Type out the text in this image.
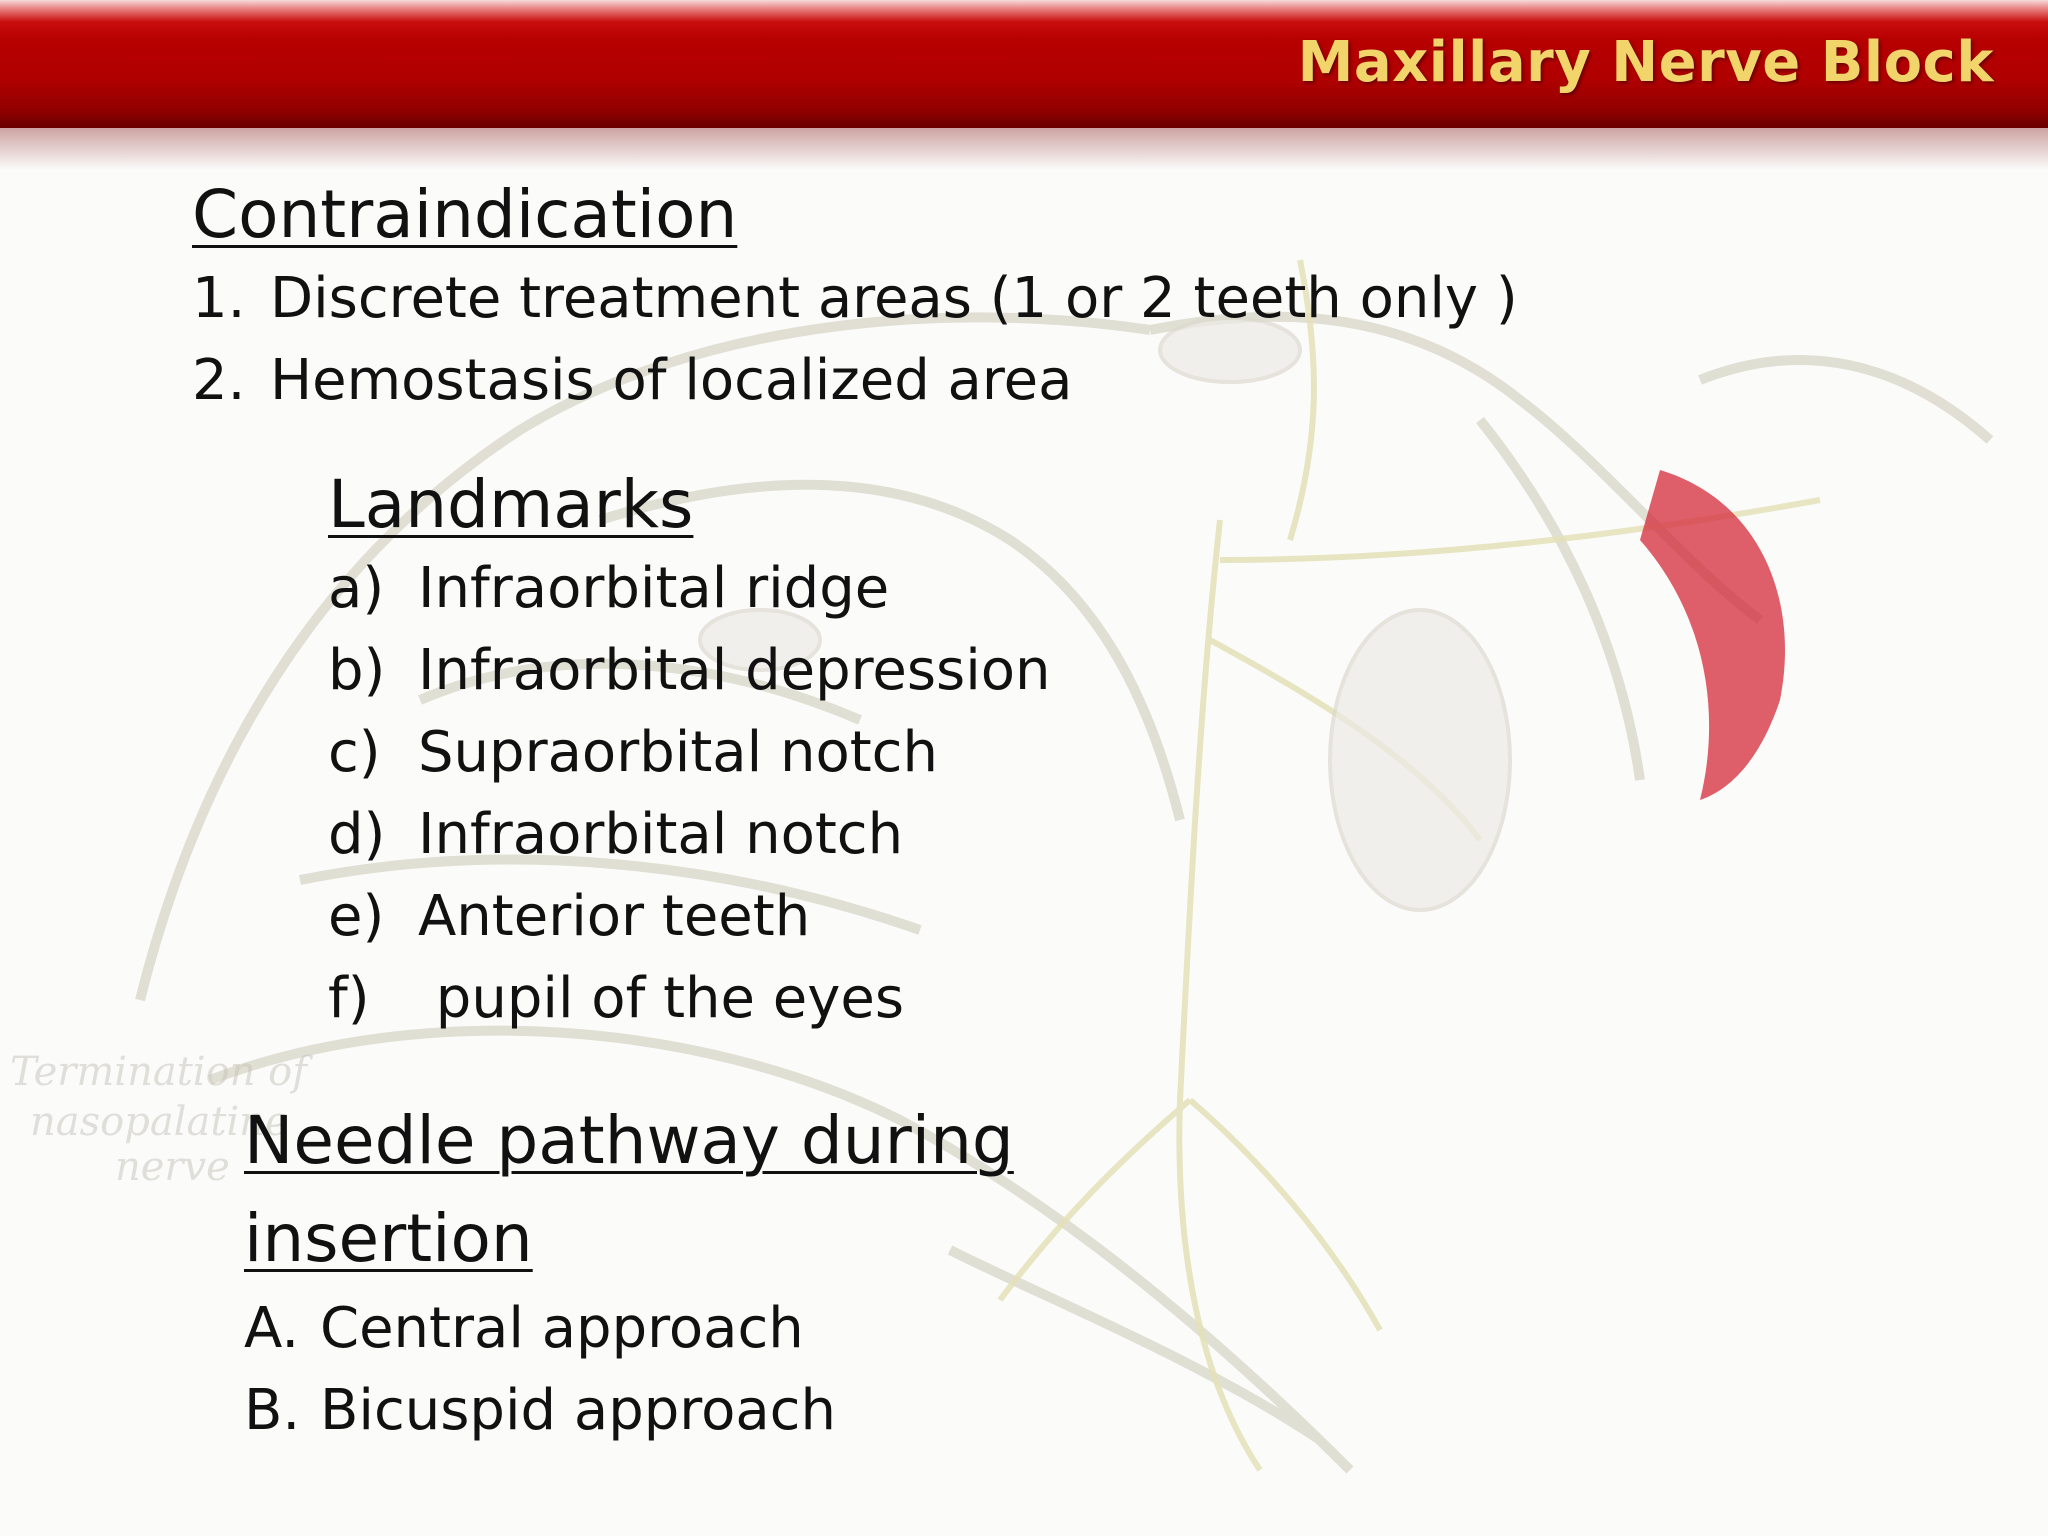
Termination of
nasopalatine
nerve
Maxillary Nerve Block
Contraindication
1. Discrete treatment areas (1 or 2 teeth only )
2. Hemostasis of localized area
Landmarks
a) Infraorbital ridge
b) Infraorbital depression
c) Supraorbital notch
d) Infraorbital notch
e) Anterior teeth
f) pupil of the eyes
Needle pathway during insertion
A. Central approach
B. Bicuspid approach
